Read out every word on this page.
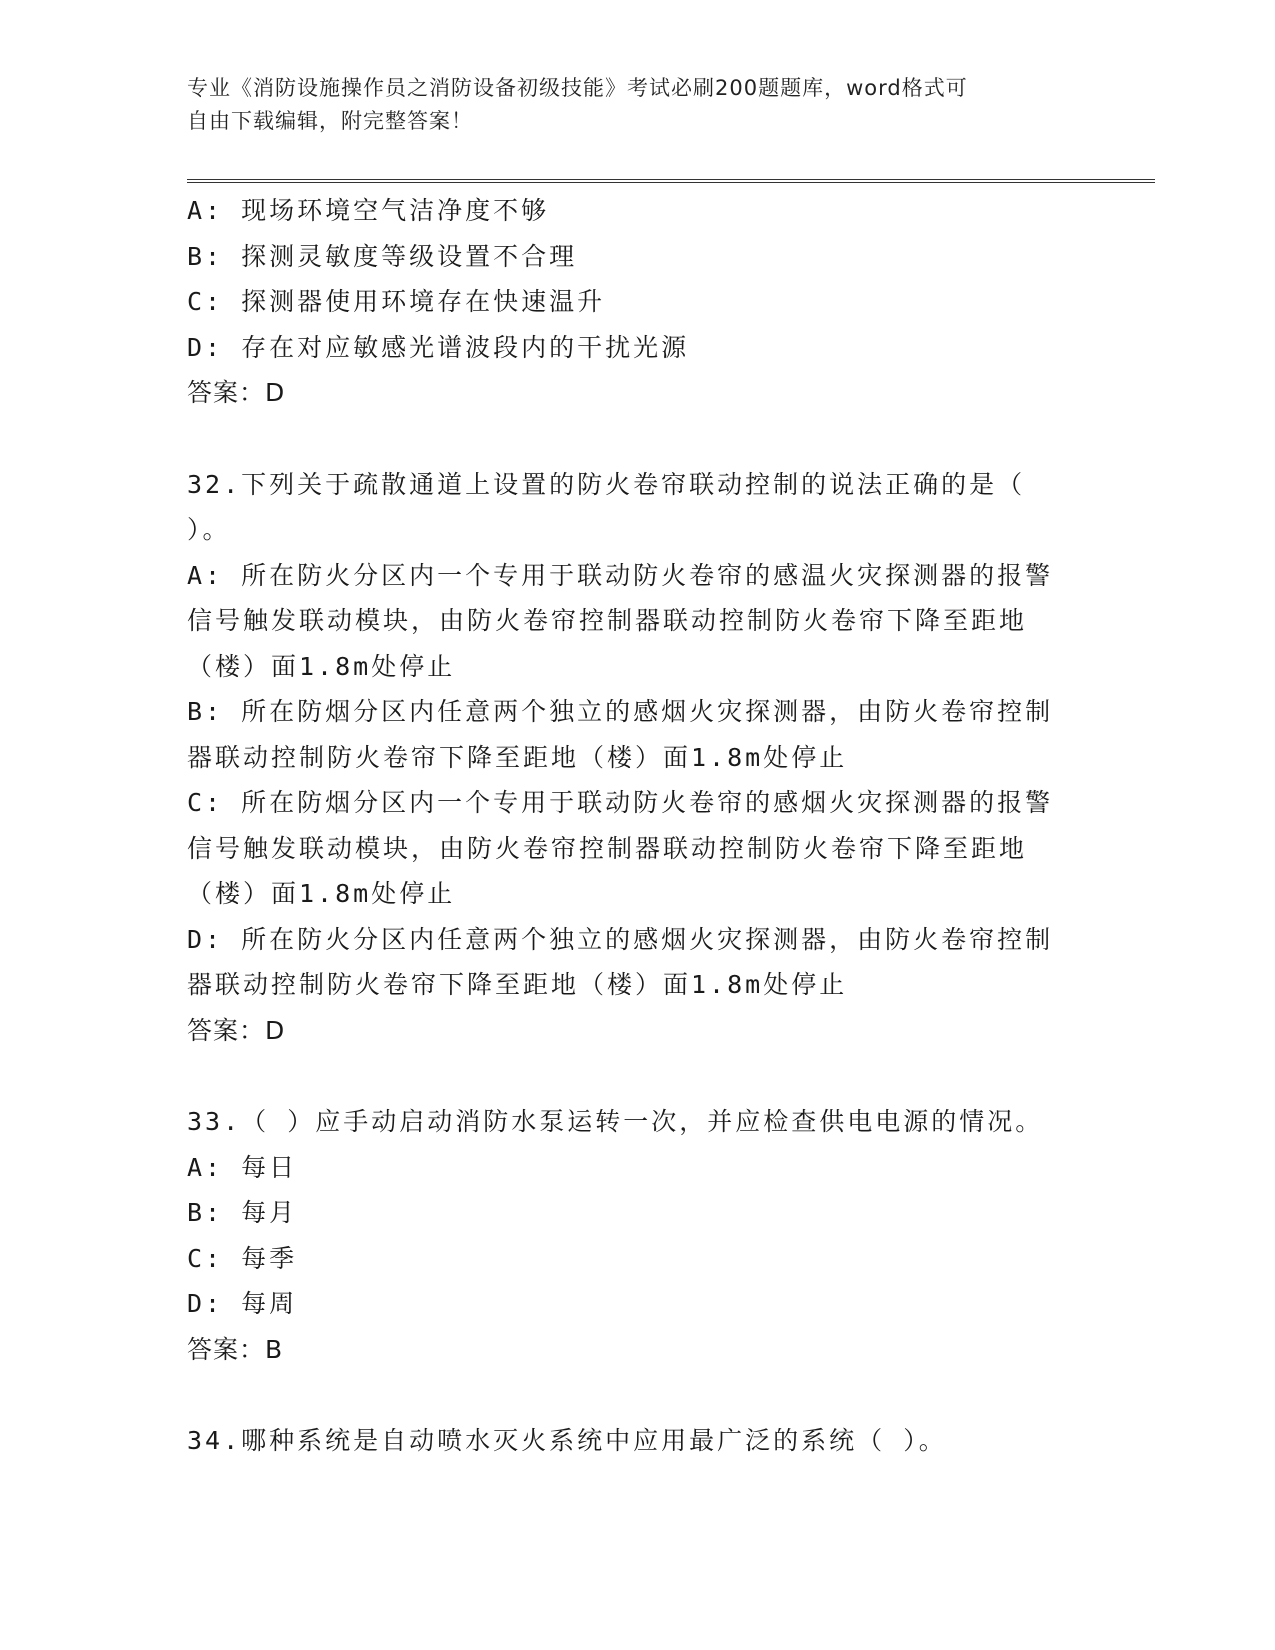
专业《消防设施操作员之消防设备初级技能》考试必刷200题题库，word格式可
自由下载编辑，附完整答案！
A: 现场环境空气洁净度不够
B: 探测灵敏度等级设置不合理
C: 探测器使用环境存在快速温升
D: 存在对应敏感光谱波段内的干扰光源
答案：D
32.下列关于疏散通道上设置的防火卷帘联动控制的说法正确的是（
）。
A: 所在防火分区内一个专用于联动防火卷帘的感温火灾探测器的报警
信号触发联动模块，由防火卷帘控制器联动控制防火卷帘下降至距地
（楼）面1.8m处停止
B: 所在防烟分区内任意两个独立的感烟火灾探测器，由防火卷帘控制
器联动控制防火卷帘下降至距地（楼）面1.8m处停止
C: 所在防烟分区内一个专用于联动防火卷帘的感烟火灾探测器的报警
信号触发联动模块，由防火卷帘控制器联动控制防火卷帘下降至距地
（楼）面1.8m处停止
D: 所在防火分区内任意两个独立的感烟火灾探测器，由防火卷帘控制
器联动控制防火卷帘下降至距地（楼）面1.8m处停止
答案：D
33.（ ）应手动启动消防水泵运转一次，并应检查供电电源的情况。
A: 每日
B: 每月
C: 每季
D: 每周
答案：B
34.哪种系统是自动喷水灭火系统中应用最广泛的系统（ ）。
